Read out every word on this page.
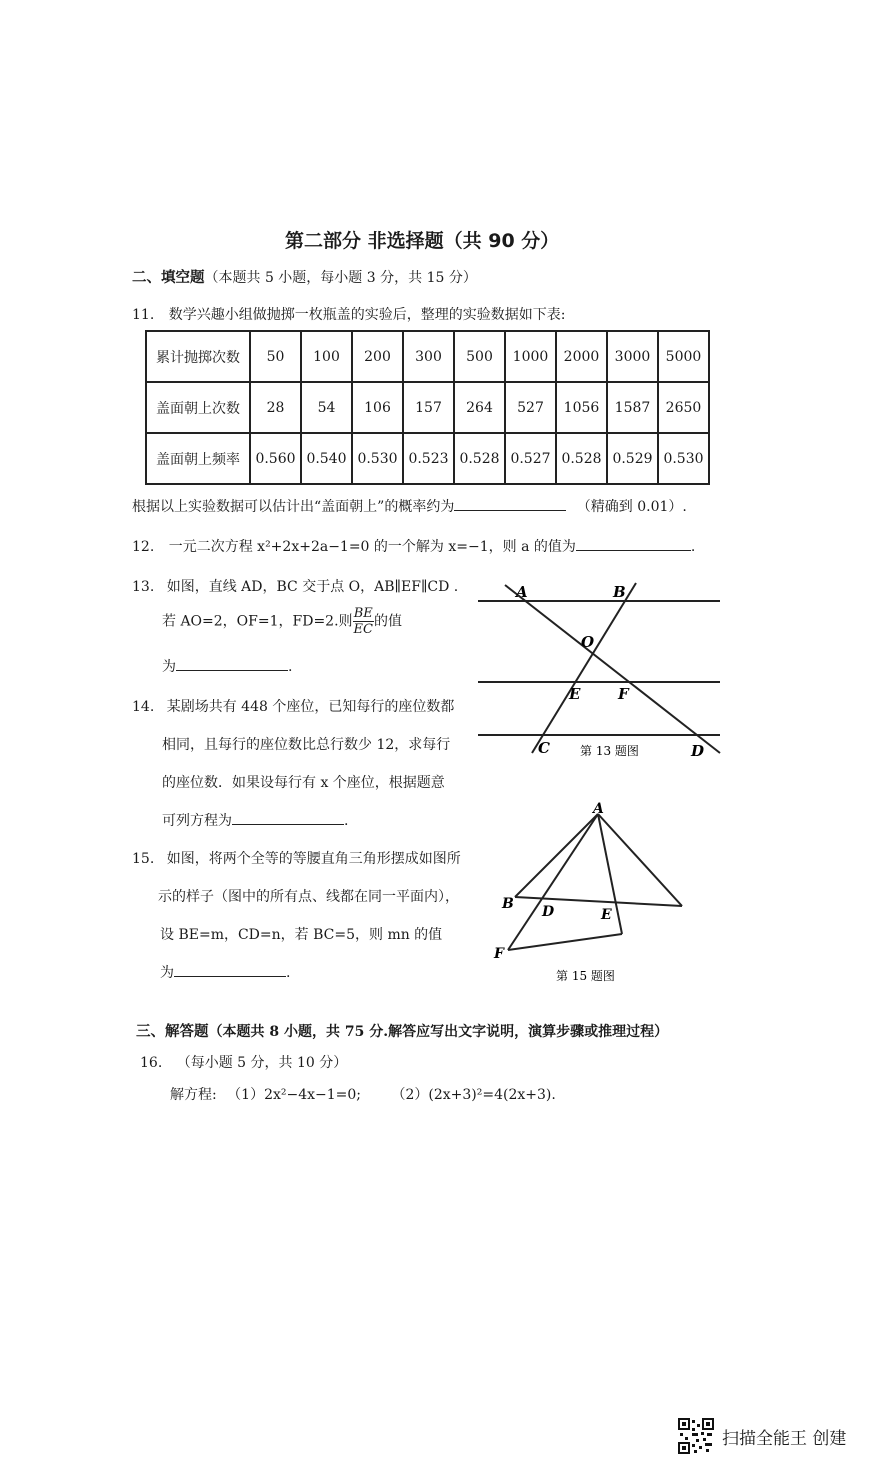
第二部分 非选择题（共 90 分）
二、填空题（本题共 5 小题，每小题 3 分，共 15 分）
11. 数学兴趣小组做抛掷一枚瓶盖的实验后，整理的实验数据如下表:
累计抛掷次数	50	100	200	300	500	1000	2000	3000	5000
盖面朝上次数	28	54	106	157	264	527	1056	1587	2650
盖面朝上频率	0.560	0.540	0.530	0.523	0.528	0.527	0.528	0.529	0.530
根据以上实验数据可以估计出“盖面朝上”的概率约为	（精确到 0.01）.
12. 一元二次方程 x²+2x+2a−1=0 的一个解为 x=−1，则 a 的值为	.
13. 如图，直线 AD，BC 交于点 O，AB∥EF∥CD .
若 AO=2，OF=1，FD=2.则 $\frac{BE}{EC}$ 的值
为	.
A	B
O
E	F
C	D
第 13 题图
14. 某剧场共有 448 个座位，已知每行的座位数都
相同，且每行的座位数比总行数少 12，求每行
的座位数．如果设每行有 x 个座位，根据题意
可列方程为	.
15. 如图，将两个全等的等腰直角三角形摆成如图所
示的样子（图中的所有点、线都在同一平面内），
设 BE=m，CD=n，若 BC=5，则 mn 的值
为	.
A
B D	E
F
第 15 题图
三、解答题（本题共 8 小题，共 75 分.解答应写出文字说明，演算步骤或推理过程）
16. （每小题 5 分，共 10 分）
解方程: （1）2x²−4x−1=0; （2）(2x+3)²=4(2x+3).
扫描全能王 创建
